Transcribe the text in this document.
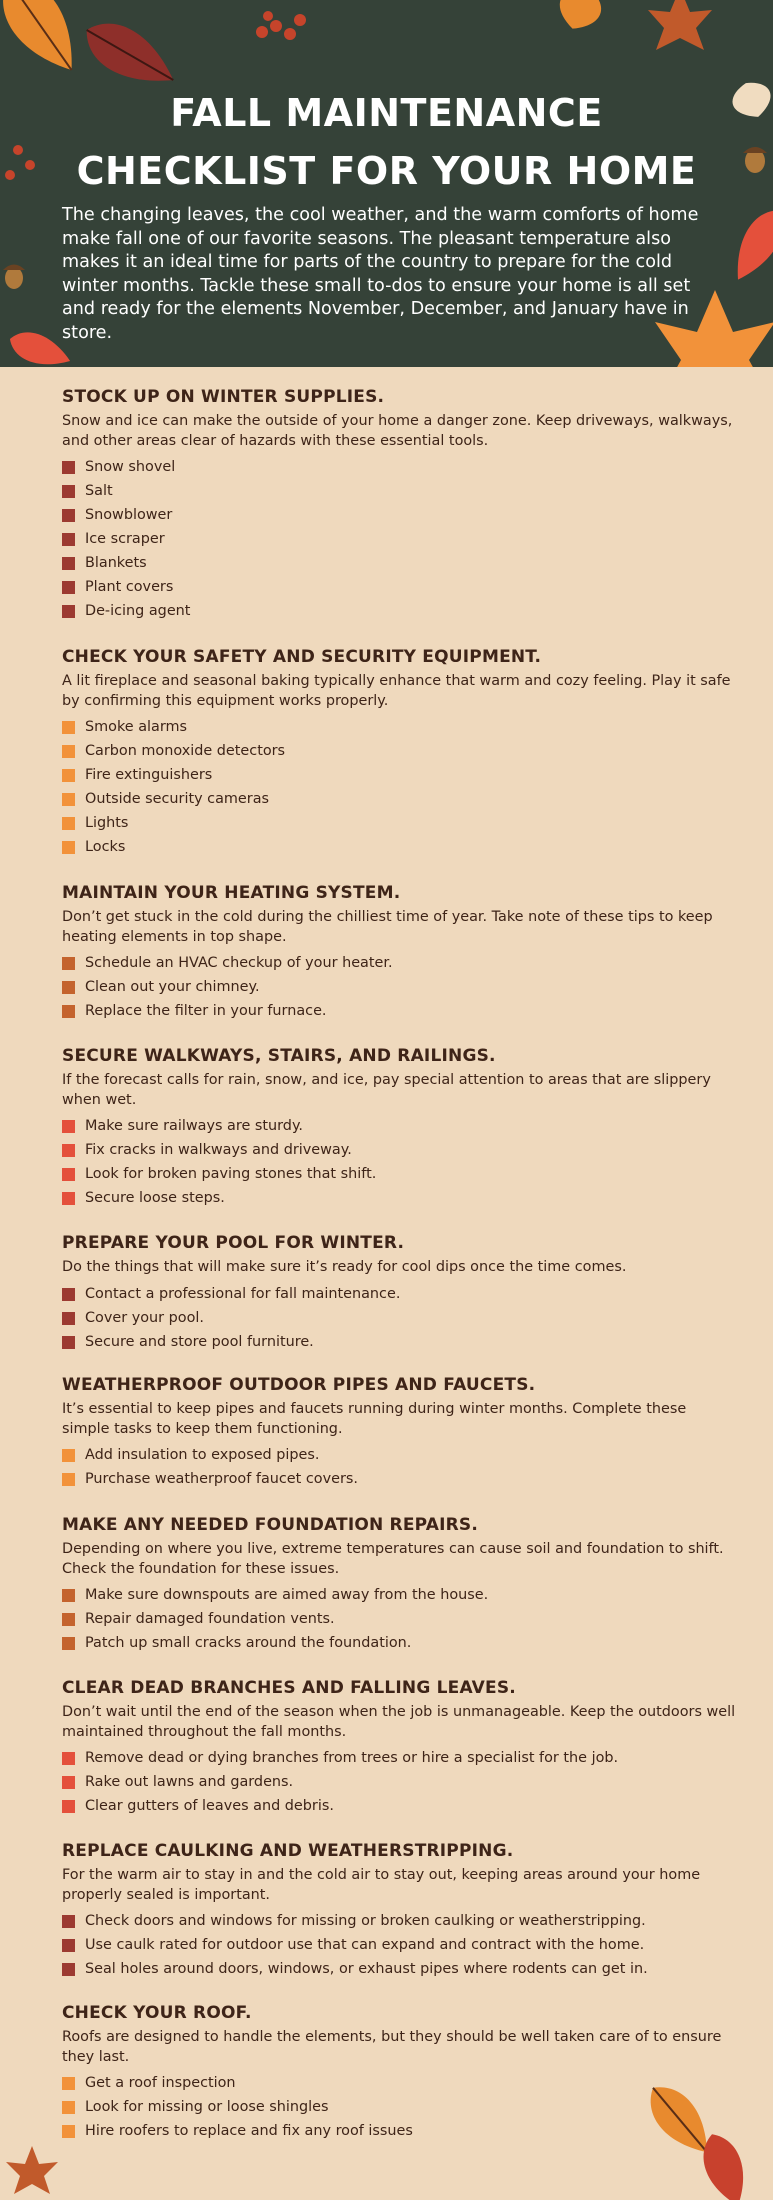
FALL MAINTENANCE
CHECKLIST FOR YOUR HOME

The changing leaves, the cool weather, and the warm comforts of home make fall one of our favorite seasons. The pleasant temperature also makes it an ideal time for parts of the country to prepare for the cold winter months. Tackle these small to-dos to ensure your home is all set and ready for the elements November, December, and January have in store.

STOCK UP ON WINTER SUPPLIES.

Snow and ice can make the outside of your home a danger zone. Keep driveways, walkways, and other areas clear of hazards with these essential tools.

Snow shovel
Salt
Snowblower
Ice scraper
Blankets
Plant covers
De-icing agent
CHECK YOUR SAFETY AND SECURITY EQUIPMENT.

A lit fireplace and seasonal baking typically enhance that warm and cozy feeling. Play it safe by confirming this equipment works properly.

Smoke alarms
Carbon monoxide detectors
Fire extinguishers
Outside security cameras
Lights
Locks
MAINTAIN YOUR HEATING SYSTEM.

Don’t get stuck in the cold during the chilliest time of year. Take note of these tips to keep heating elements in top shape.

Schedule an HVAC checkup of your heater.
Clean out your chimney.
Replace the filter in your furnace.
SECURE WALKWAYS, STAIRS, AND RAILINGS.

If the forecast calls for rain, snow, and ice, pay special attention to areas that are slippery when wet.

Make sure railways are sturdy.
Fix cracks in walkways and driveway.
Look for broken paving stones that shift.
Secure loose steps.
PREPARE YOUR POOL FOR WINTER.

Do the things that will make sure it’s ready for cool dips once the time comes.

Contact a professional for fall maintenance.
Cover your pool.
Secure and store pool furniture.
WEATHERPROOF OUTDOOR PIPES AND FAUCETS.

It’s essential to keep pipes and faucets running during winter months. Complete these simple tasks to keep them functioning.

Add insulation to exposed pipes.
Purchase weatherproof faucet covers.
MAKE ANY NEEDED FOUNDATION REPAIRS.

Depending on where you live, extreme temperatures can cause soil and foundation to shift. Check the foundation for these issues.

Make sure downspouts are aimed away from the house.
Repair damaged foundation vents.
Patch up small cracks around the foundation.
CLEAR DEAD BRANCHES AND FALLING LEAVES.

Don’t wait until the end of the season when the job is unmanageable. Keep the outdoors well maintained throughout the fall months.

Remove dead or dying branches from trees or hire a specialist for the job.
Rake out lawns and gardens.
Clear gutters of leaves and debris.
REPLACE CAULKING AND WEATHERSTRIPPING.

For the warm air to stay in and the cold air to stay out, keeping areas around your home properly sealed is important.

Check doors and windows for missing or broken caulking or weatherstripping.
Use caulk rated for outdoor use that can expand and contract with the home.
Seal holes around doors, windows, or exhaust pipes where rodents can get in.
CHECK YOUR ROOF.

Roofs are designed to handle the elements, but they should be well taken care of to ensure they last.

Get a roof inspection
Look for missing or loose shingles
Hire roofers to replace and fix any roof issues
